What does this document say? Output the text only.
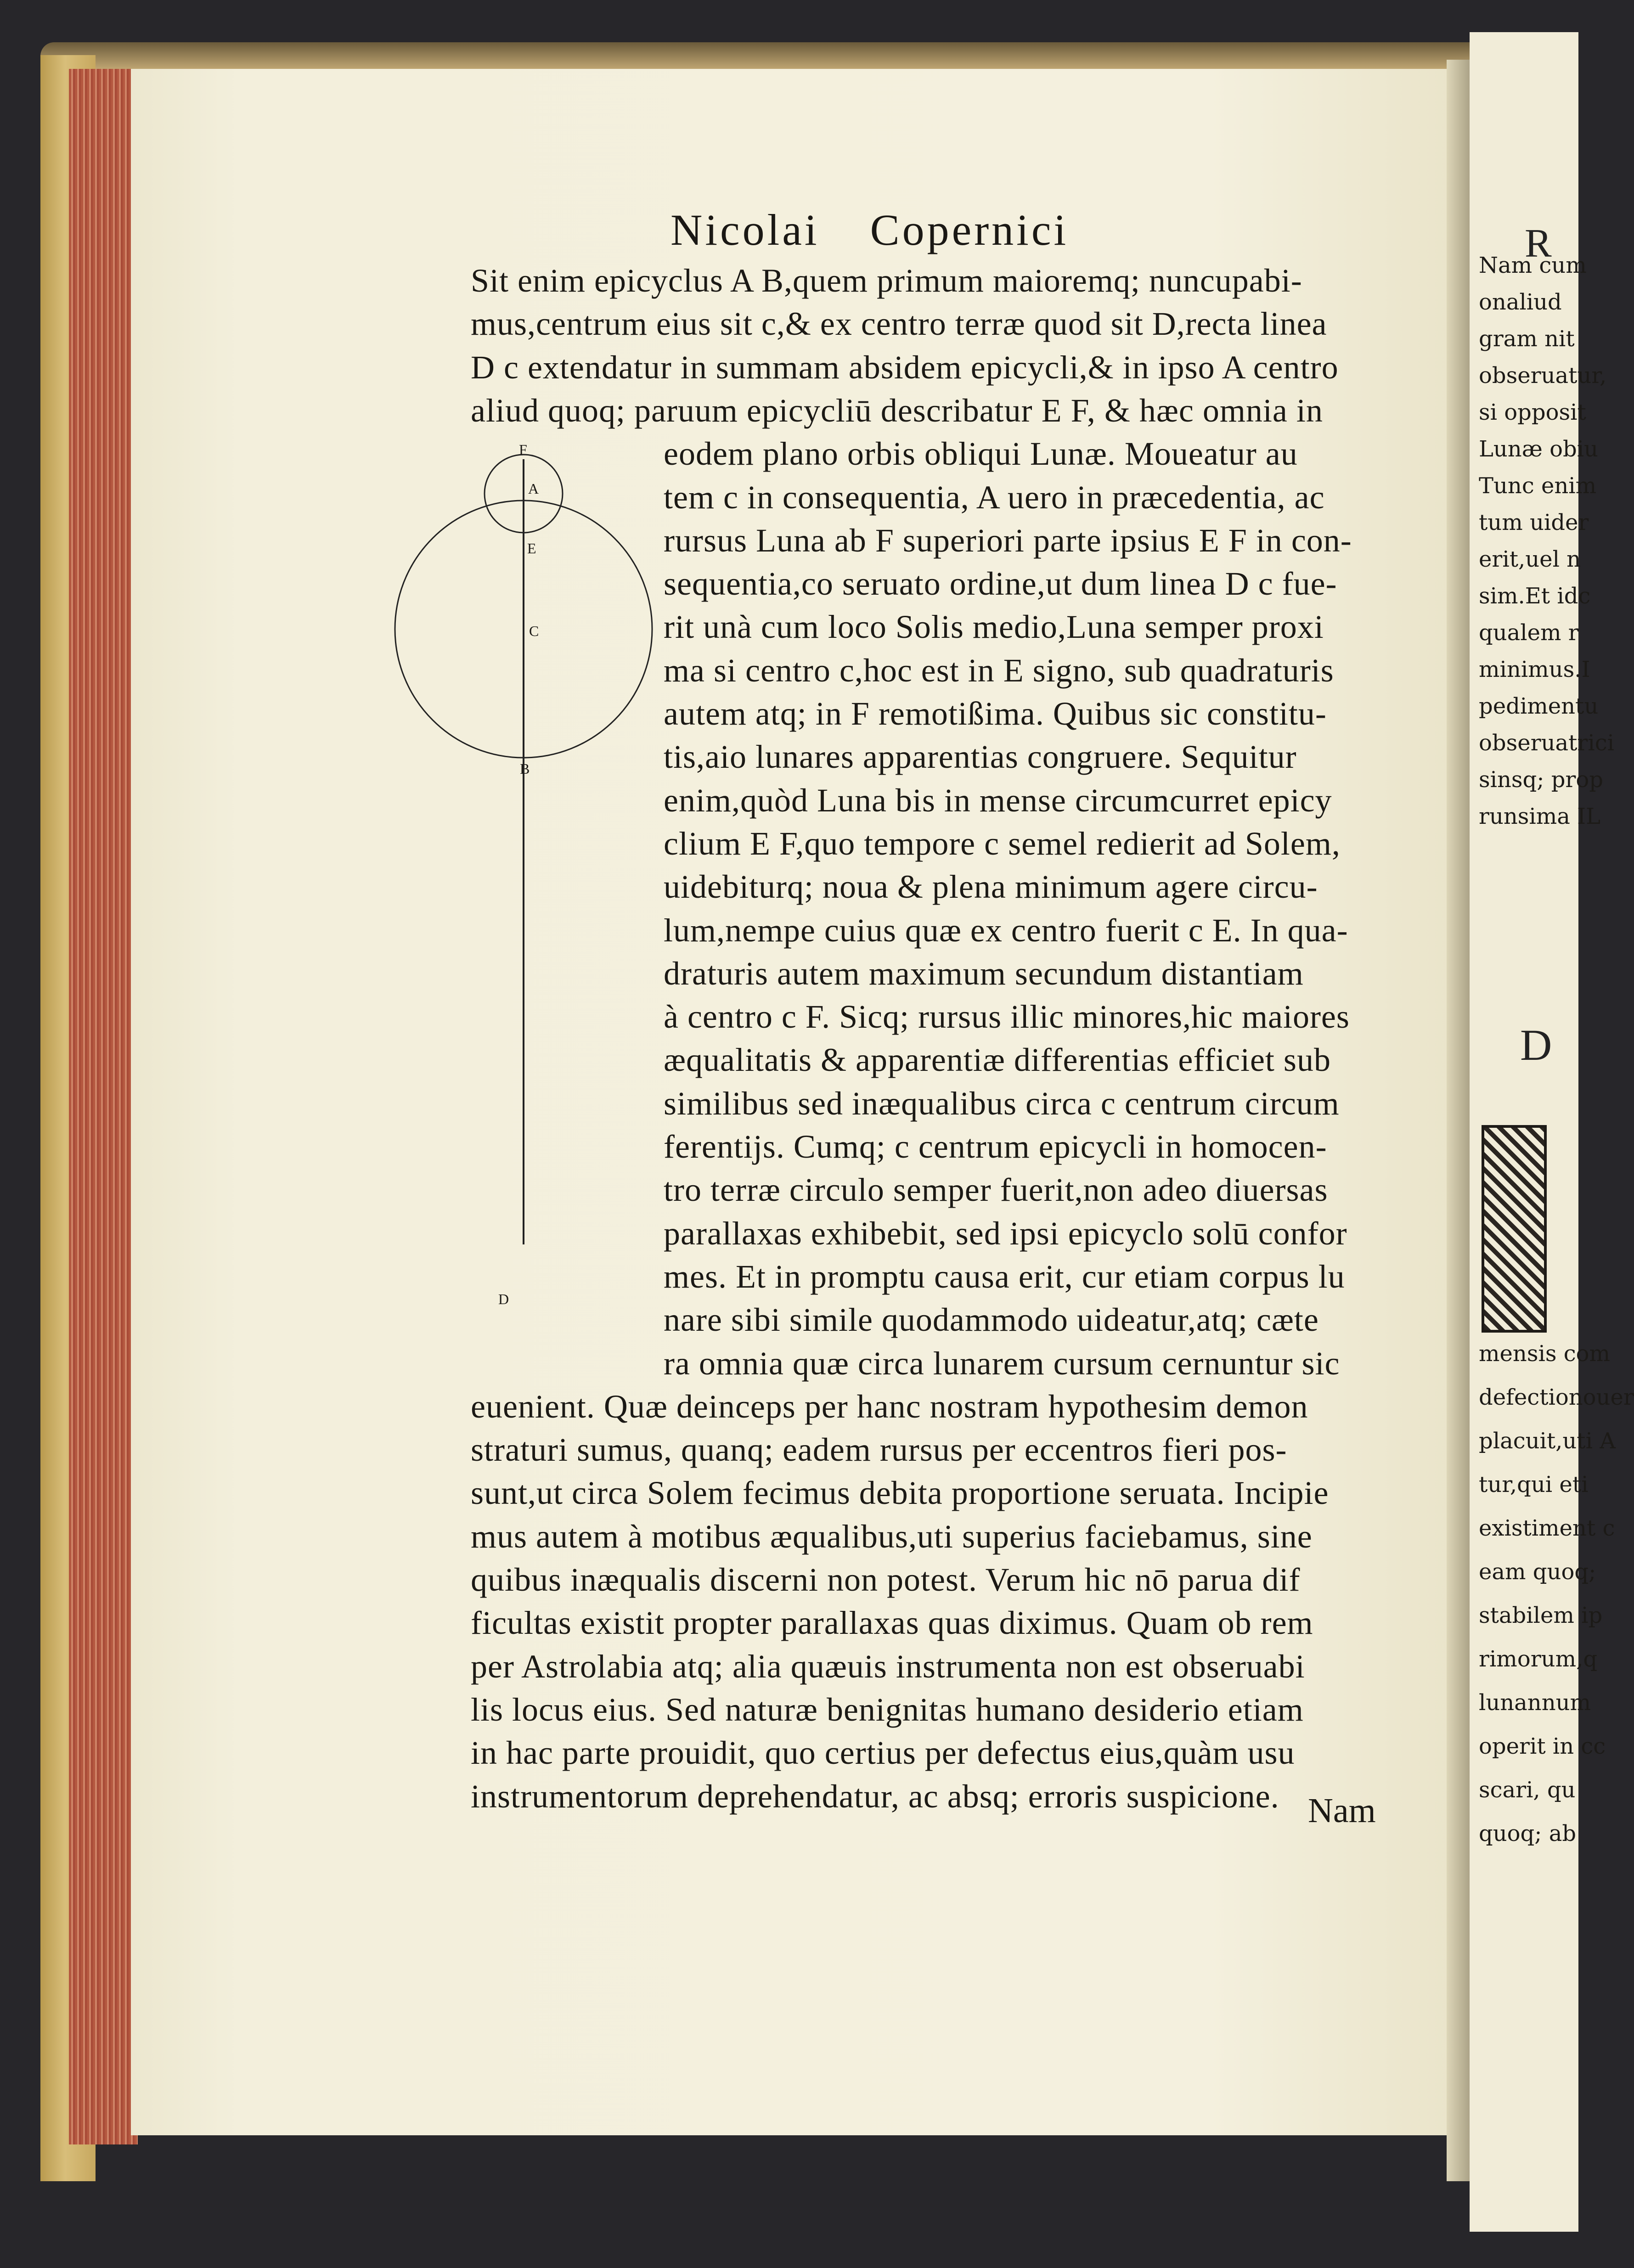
R
D
Nam cum
onaliud
gram nit
obseruatur,
si opposit
Lunæ obiu
Tunc enim
tum uider
erit,uel n
sim.Et idc
qualem r
minimus.I
pedimentu
obseruatrici
sinsq; prop
runsima IL
mensis com
defectionouer
placuit,uti A
tur,qui eti
existiment c
eam quoq;
stabilem ip
rimorum,q
lunannum
operit in cc
scari, qu
quoq; ab
Nicolai Copernici
Sit enim epicyclus A B,quem primum maioremq; nuncupabi-
mus,centrum eius sit c,& ex centro terræ quod sit D,recta linea
D c extendatur in summam absidem epicycli,& in ipso A centro
aliud quoq; paruum epicycliū describatur E F, & hæc omnia in
eodem plano orbis obliqui Lunæ. Moueatur au
tem c in consequentia, A uero in præcedentia, ac
rursus Luna ab F superiori parte ipsius E F in con-
sequentia,co seruato ordine,ut dum linea D c fue-
rit unà cum loco Solis medio,Luna semper proxi
ma si centro c,hoc est in E signo, sub quadraturis
autem atq; in F remotißima. Quibus sic constitu-
tis,aio lunares apparentias congruere. Sequitur
enim,quòd Luna bis in mense circumcurret epicy
clium E F,quo tempore c semel redierit ad Solem,
uidebiturq; noua & plena minimum agere circu-
lum,nempe cuius quæ ex centro fuerit c E. In qua-
draturis autem maximum secundum distantiam
à centro c F. Sicq; rursus illic minores,hic maiores
æqualitatis & apparentiæ differentias efficiet sub
similibus sed inæqualibus circa c centrum circum
ferentijs. Cumq; c centrum epicycli in homocen-
tro terræ circulo semper fuerit,non adeo diuersas
parallaxas exhibebit, sed ipsi epicyclo solū confor
mes. Et in promptu causa erit, cur etiam corpus lu
nare sibi simile quodammodo uideatur,atq; cæte
ra omnia quæ circa lunarem cursum cernuntur sic
euenient. Quæ deinceps per hanc nostram hypothesim demon
straturi sumus, quanq; eadem rursus per eccentros fieri pos-
sunt,ut circa Solem fecimus debita proportione seruata. Incipie
mus autem à motibus æqualibus,uti superius faciebamus, sine
quibus inæqualis discerni non potest. Verum hic nō parua dif
ficultas existit propter parallaxas quas diximus. Quam ob rem
per Astrolabia atq; alia quæuis instrumenta non est obseruabi
lis locus eius. Sed naturæ benignitas humano desiderio etiam
in hac parte prouidit, quo certius per defectus eius,quàm usu
instrumentorum deprehendatur, ac absq; erroris suspicione.
F
A
E
C
B
D
Nam
